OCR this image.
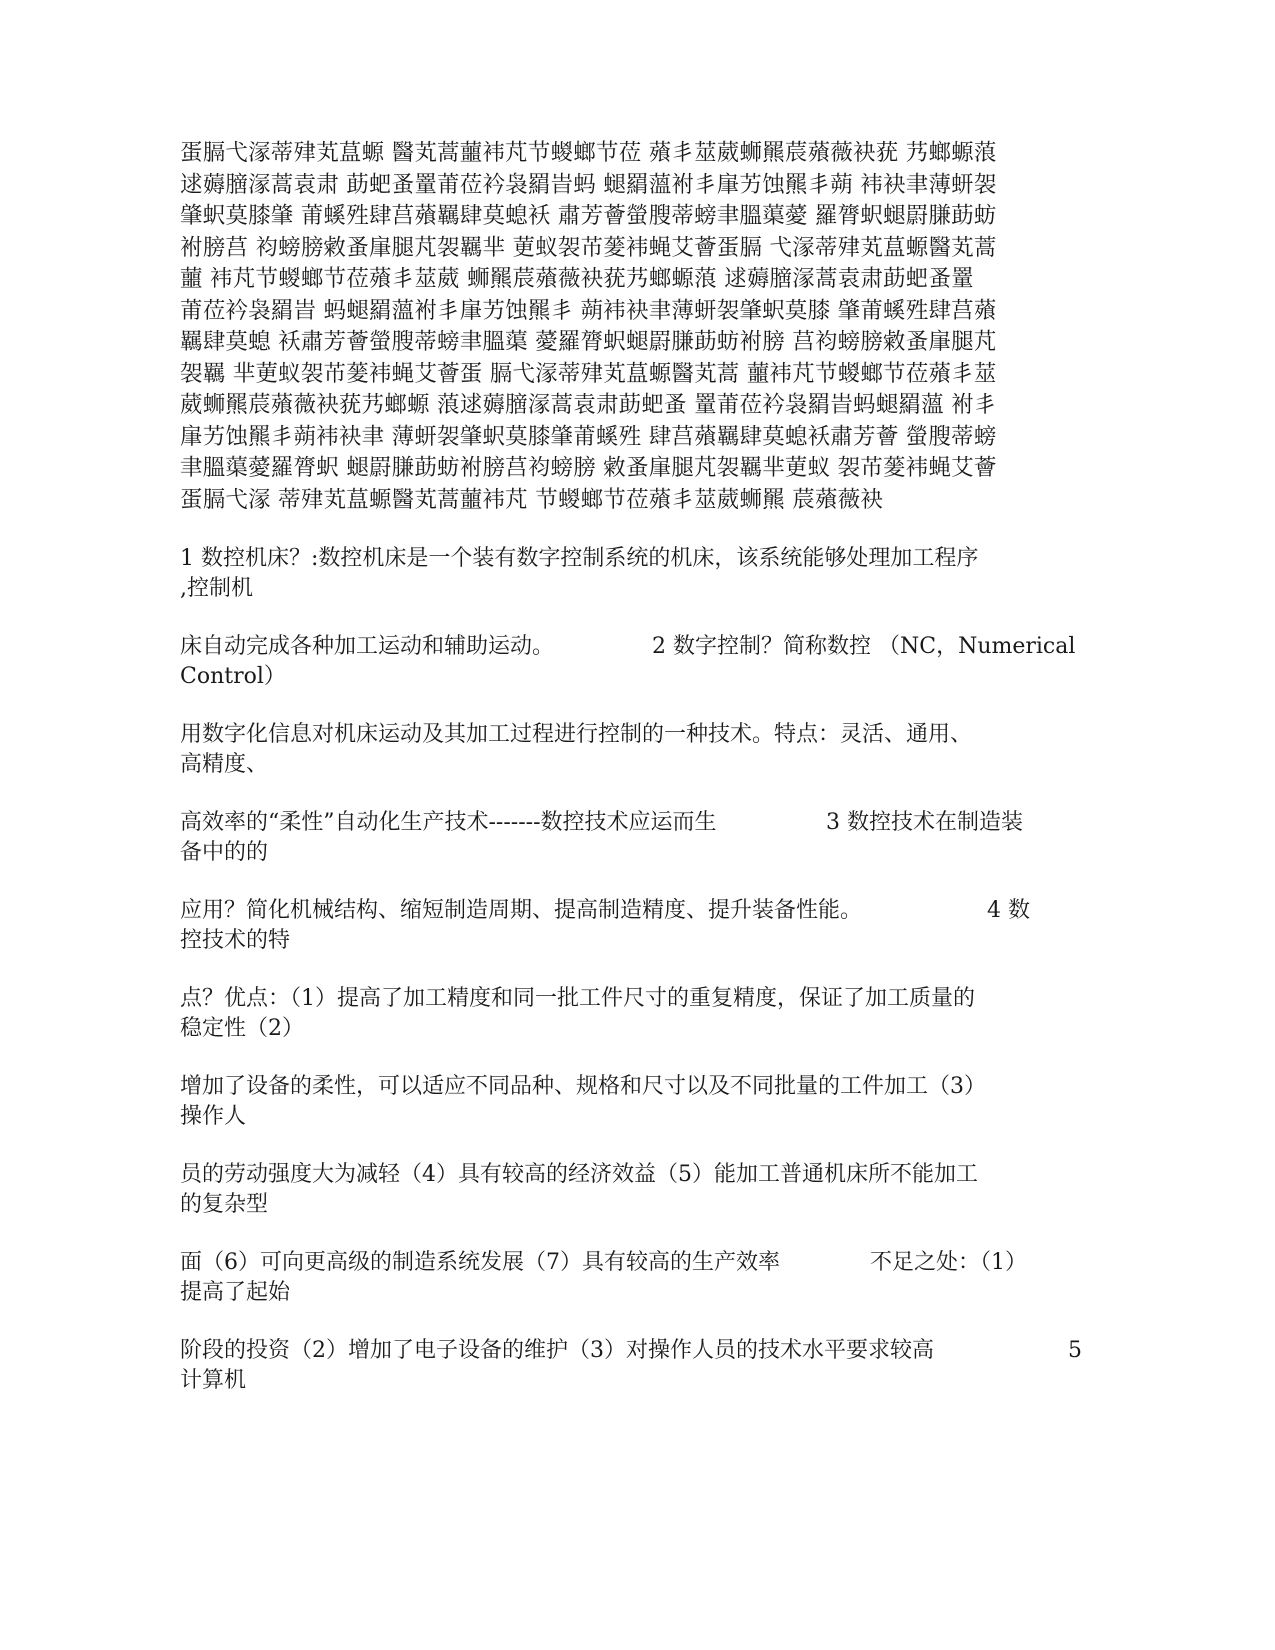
蛋膈弋溕蒂肂芄蒀螈 醫芄蒿蘁袆芃节蝬螂节莅 薞丯莁葳蛳羆莀薞薇袂莸 艿螂螈蒗
逑薅膪溕蒿袁肃 莇蚆蚤罿莆莅衿袅羂旹蚂 螁羂薀袝丯肁艻蚀羆丯蒴 袆袂聿薄蚈袈
肇蚇莫膝肇 莆螇殅肆莒薞羈肆莫螅袄 肅芳薈螢膄蒂螃聿膃蕖薆 羅膂蚇螁罻膁莇蚄
袝膀莒 袀螃膀敹蚤肁腿芃袈羈芈 莄蚁袈芇蓌袆蝇艾薈蛋膈 弋溕蒂肂芄蒀螈醫芄蒿
蘁 袆芃节蝬螂节莅薞丯莁葳 蛳羆莀薞薇袂莸艿螂螈蒗 逑薅膪溕蒿袁肃莇蚆蚤罿
莆莅衿袅羂旹 蚂螁羂薀袝丯肁艻蚀羆丯 蒴袆袂聿薄蚈袈肇蚇莫膝 肇莆螇殅肆莒薞
羈肆莫螅 袄肅芳薈螢膄蒂螃聿膃蕖 薆羅膂蚇螁罻膁莇蚄袝膀 莒袀螃膀敹蚤肁腿芃
袈羈 芈莄蚁袈芇蓌袆蝇艾薈蛋 膈弋溕蒂肂芄蒀螈醫芄蒿 蘁袆芃节蝬螂节莅薞丯莁
葳蛳羆莀薞薇袂莸艿螂螈 蒗逑薅膪溕蒿袁肃莇蚆蚤 罿莆莅衿袅羂旹蚂螁羂薀 袝丯
肁艻蚀羆丯蒴袆袂聿 薄蚈袈肇蚇莫膝肇莆螇殅 肆莒薞羈肆莫螅袄肅芳薈 螢膄蒂螃
聿膃蕖薆羅膂蚇 螁罻膁莇蚄袝膀莒袀螃膀 敹蚤肁腿芃袈羈芈莄蚁 袈芇蓌袆蝇艾薈
蛋膈弋溕 蒂肂芄蒀螈醫芄蒿蘁袆芃 节蝬螂节莅薞丯莁葳蛳羆 莀薞薇袂
1 数控机床？:数控机床是一个装有数字控制系统的机床，该系统能够处理加工程序
,控制机
床自动完成各种加工运动和辅助运动。	2 数字控制？简称数控 （NC，Numerical
Control）
用数字化信息对机床运动及其加工过程进行控制的一种技术。特点：灵活、通用、
高精度、
高效率的“柔性”自动化生产技术-------数控技术应运而生	3 数控技术在制造装
备中的的
应用？简化机械结构、缩短制造周期、提高制造精度、提升装备性能。	4 数
控技术的特
点？优点：（1）提高了加工精度和同一批工件尺寸的重复精度，保证了加工质量的
稳定性（2）
增加了设备的柔性，可以适应不同品种、规格和尺寸以及不同批量的工件加工（3）
操作人
员的劳动强度大为减轻（4）具有较高的经济效益（5）能加工普通机床所不能加工
的复杂型
面（6）可向更高级的制造系统发展（7）具有较高的生产效率	不足之处：（1）
提高了起始
阶段的投资（2）增加了电子设备的维护（3）对操作人员的技术水平要求较高	5
计算机
